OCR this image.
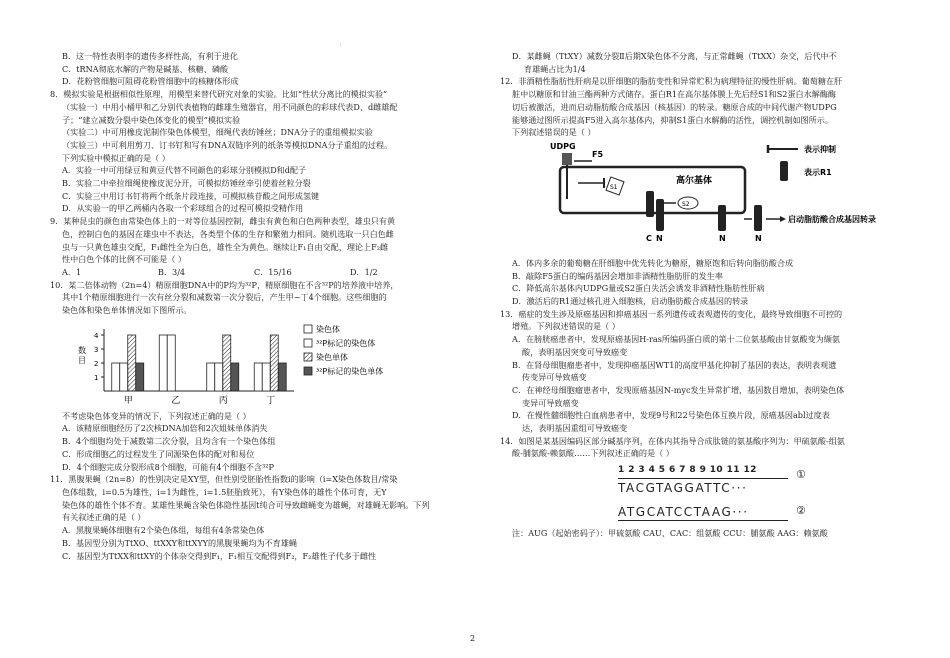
'
B．这一特性表明李的遗传多样性高，有利于进化
C．tRNA彻底水解的产物是碱基、核糖、磷酸
D．花粉管细胞可阻碍花粉管细胞中的核糖体形成
8．模拟实验是根据相似性原理，用模型来替代研究对象的实验。比如“性状分离比的模拟实验”
（实验一）中用小桶甲和乙分别代表植物的雌雄生殖器官，用不同颜色的彩球代表D、d雌雄配
子；“建立减数分裂中染色体变化的模型”模拟实验
（实验二）中可用橡皮泥制作染色体模型，细绳代表纺锤丝；DNA分子的重组模拟实验
（实验三）中可利用剪刀、订书钉和写有DNA双链序列的纸条等模拟DNA分子重组的过程。
下列实验中模拟正确的是（ ）
A．实验一中可用绿豆和黄豆代替不同颜色的彩球分别模拟D和d配子
B．实验二中牵拉细绳使橡皮泥分开，可模拟纺锤丝牵引使着丝粒分裂
C．实验三中用订书钉将两个纸条片段连接，可模拟核苷酸之间形成氢键
D．从实验一的甲乙两桶内各取一个彩球组合的过程可模拟受精作用
9．某种昆虫的颜色由常染色体上的一对等位基因控制，雌虫有黄色和白色两种表型，雄虫只有黄
色，控制白色的基因在雄虫中不表达，各类型个体的生存和繁殖力相同。随机选取一只白色雌
虫与一只黄色雄虫交配，F₁雌性全为白色，雄性全为黄色。继续让F₁自由交配，理论上F₂雌
性中白色个体的比例不可能是（ ）
A．1	B．3/4	C．15/16	D．1/2
10．某二倍体动物（2n=4）精原细胞DNA中的P均为³²P，精原细胞在不含³²P的培养液中培养，
其中1个精原细胞进行一次有丝分裂和减数第一次分裂后，产生甲~丁4个细胞。这些细胞的
染色体和染色单体情况如下图所示。
数
目
1
2
3
4
甲	乙	丙	丁
染色体
³²P标记的染色体
染色单体
³²P标记的染色单体
不考虑染色体变异的情况下，下列叙述正确的是（ ）
A．该精原细胞经历了2次核DNA加倍和2次姐妹单体消失
B．4个细胞均处于减数第二次分裂，且均含有一个染色体组
C．形成细胞乙的过程发生了同源染色体的配对和易位
D．4个细胞完成分裂形成8个细胞，可能有4个细胞不含³²P
11．黑腹果蝇（2n=8）的性别决定是XY型，但性别受胚胎性指数i的影响（i=X染色体数目/常染
色体组数，i=0.5为雄性，i=1为雌性，i=1.5胚胎致死），有Y染色体的雄性个体可育，无Y
染色体的雄性个体不育。某雄性果蝇含染色体隐性基因t纯合可导致雌蝇变为雄蝇，对雄蝇无影响。下列
有关叙述正确的是（ ）
A．黑腹果蝇体细胞有2个染色体组，每组有4条常染色体
B．基因型分别为TtXO、ttXXY和ttXYY的黑腹果蝇均为不育雄蝇
C．基因型为TtXX和ttXY的个体杂交得到F₁，F₁相互交配得到F₂，F₂雄性子代多于雌性
D．某雌蝇（TtXY）减数分裂Ⅱ后期X染色体不分离，与正常雌蝇（TtXX）杂交，后代中不
育雄蝇占比为1/4
12．非酒精性脂肪性肝病是以肝细胞的脂肪变性和异常贮积为病理特征的慢性肝病。葡萄糖在肝
脏中以糖原和甘油三酯两种方式储存。蛋白R1在高尔基体膜上先后经S1和S2蛋白水解酶酶
切后被激活，进而启动脂肪酸合成基因（核基因）的转录。糖原合成的中间代谢产物UDPG
能够通过图所示提高F5进入高尔基体内，抑制S1蛋白水解酶的活性，调控机制如图所示。
下列叙述错误的是（ ）
UDPG
F5
高尔基体
S1
S2
C N	N	N
启动脂肪酸合成基因转录
表示抑制
表示R1
A．体内多余的葡萄糖在肝细胞中优先转化为糖原，糖原饱和后转向脂肪酸合成
B．敲除F5蛋白的编码基因会增加非酒精性脂肪肝的发生率
C．降低高尔基体内UDPG量或S2蛋白失活会诱发非酒精性脂肪性肝病
D．激活后的R1通过核孔进入细胞核，启动脂肪酸合成基因的转录
13．癌症的发生涉及原癌基因和抑癌基因一系列遗传或表观遗传的变化，最终导致细胞不可控的
增殖。下列叙述错误的是（ ）
A．在膀胱癌患者中，发现原癌基因H-ras所编码蛋白质的第十二位氨基酸由甘氨酸变为缬氨
酸，表明基因突变可导致癌变
B．在肾母细胞瘤患者中，发现抑癌基因WT1的高度甲基化抑制了基因的表达，表明表观遗
传变异可导致癌变
C．在神经母细胞瘤患者中，发现原癌基因N-myc发生异常扩增，基因数目增加，表明染色体
变异可导致癌变
D．在慢性髓细胞性白血病患者中，发现9号和22号染色体互换片段，原癌基因abl过度表
达，表明基因重组可导致癌变
14．如图是某基因编码区部分碱基序列，在体内其指导合成肽链的氨基酸序列为：甲硫氨酸-组氨
酸-脯氨酸-赖氨酸……下列叙述正确的是（ ）
1 2 3 4 5 6 7 8 9 10 11 12
TACGTAGGATTC···
ATGCATCCTAAG···
①
②
注：AUG（起始密码子）：甲硫氨酸 CAU、CAC：组氨酸 CCU：脯氨酸 AAG：赖氨酸
2
